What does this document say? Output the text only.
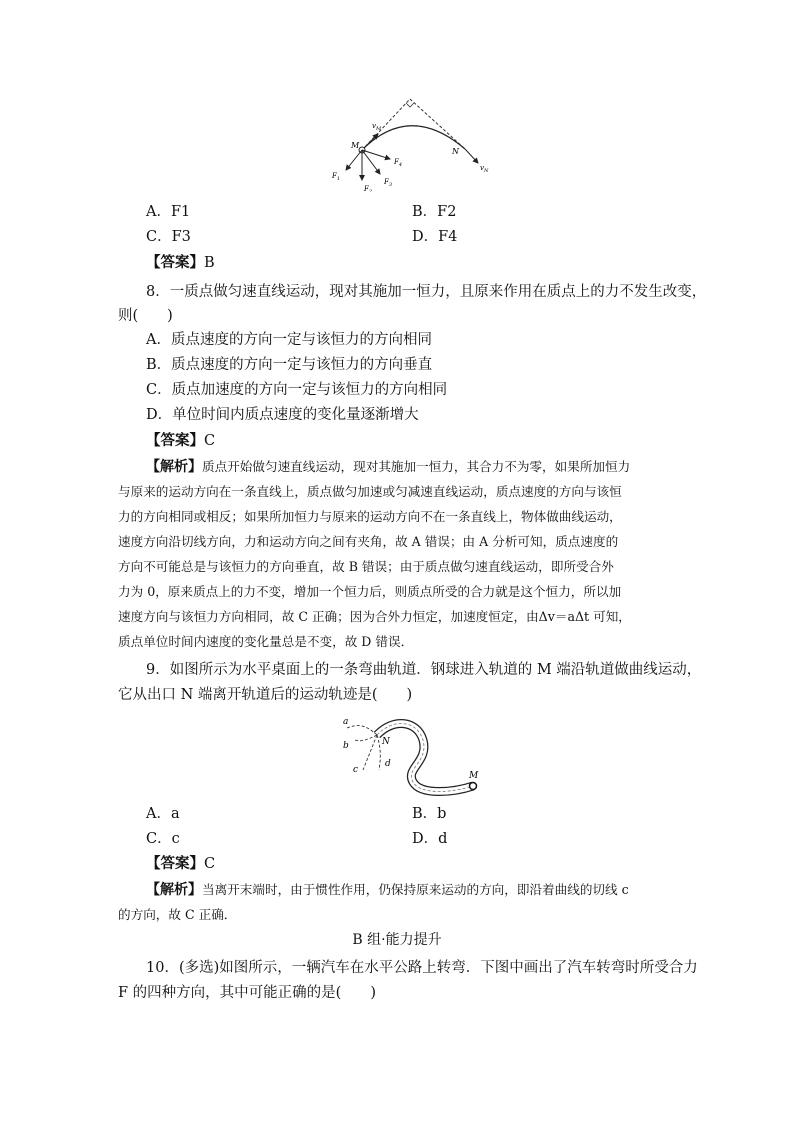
$v_M$
M
N
$v_N$
$F_1$
$F_2$
$F_3$
$F_4$
A．F1	B．F2
C．F3	D．F4
【答案】B
8．一质点做匀速直线运动，现对其施加一恒力，且原来作用在质点上的力不发生改变，
则(　　)
A．质点速度的方向一定与该恒力的方向相同
B．质点速度的方向一定与该恒力的方向垂直
C．质点加速度的方向一定与该恒力的方向相同
D．单位时间内质点速度的变化量逐渐增大
【答案】C
【解析】质点开始做匀速直线运动，现对其施加一恒力，其合力不为零，如果所加恒力
与原来的运动方向在一条直线上，质点做匀加速或匀减速直线运动，质点速度的方向与该恒
力的方向相同或相反；如果所加恒力与原来的运动方向不在一条直线上，物体做曲线运动，
速度方向沿切线方向，力和运动方向之间有夹角，故 A 错误；由 A 分析可知，质点速度的
方向不可能总是与该恒力的方向垂直，故 B 错误；由于质点做匀速直线运动，即所受合外
力为 0，原来质点上的力不变，增加一个恒力后，则质点所受的合力就是这个恒力，所以加
速度方向与该恒力方向相同，故 C 正确；因为合外力恒定，加速度恒定，由Δv＝aΔt 可知，
质点单位时间内速度的变化量总是不变，故 D 错误．
9．如图所示为水平桌面上的一条弯曲轨道．钢球进入轨道的 M 端沿轨道做曲线运动，
它从出口 N 端离开轨道后的运动轨迹是(　　)
a
b
c
d
N
M
A．a	B．b
C．c	D．d
【答案】C
【解析】当离开末端时，由于惯性作用，仍保持原来运动的方向，即沿着曲线的切线 c
的方向，故 C 正确．
B 组·能力提升
10．(多选)如图所示，一辆汽车在水平公路上转弯．下图中画出了汽车转弯时所受合力
F 的四种方向，其中可能正确的是(　　)
